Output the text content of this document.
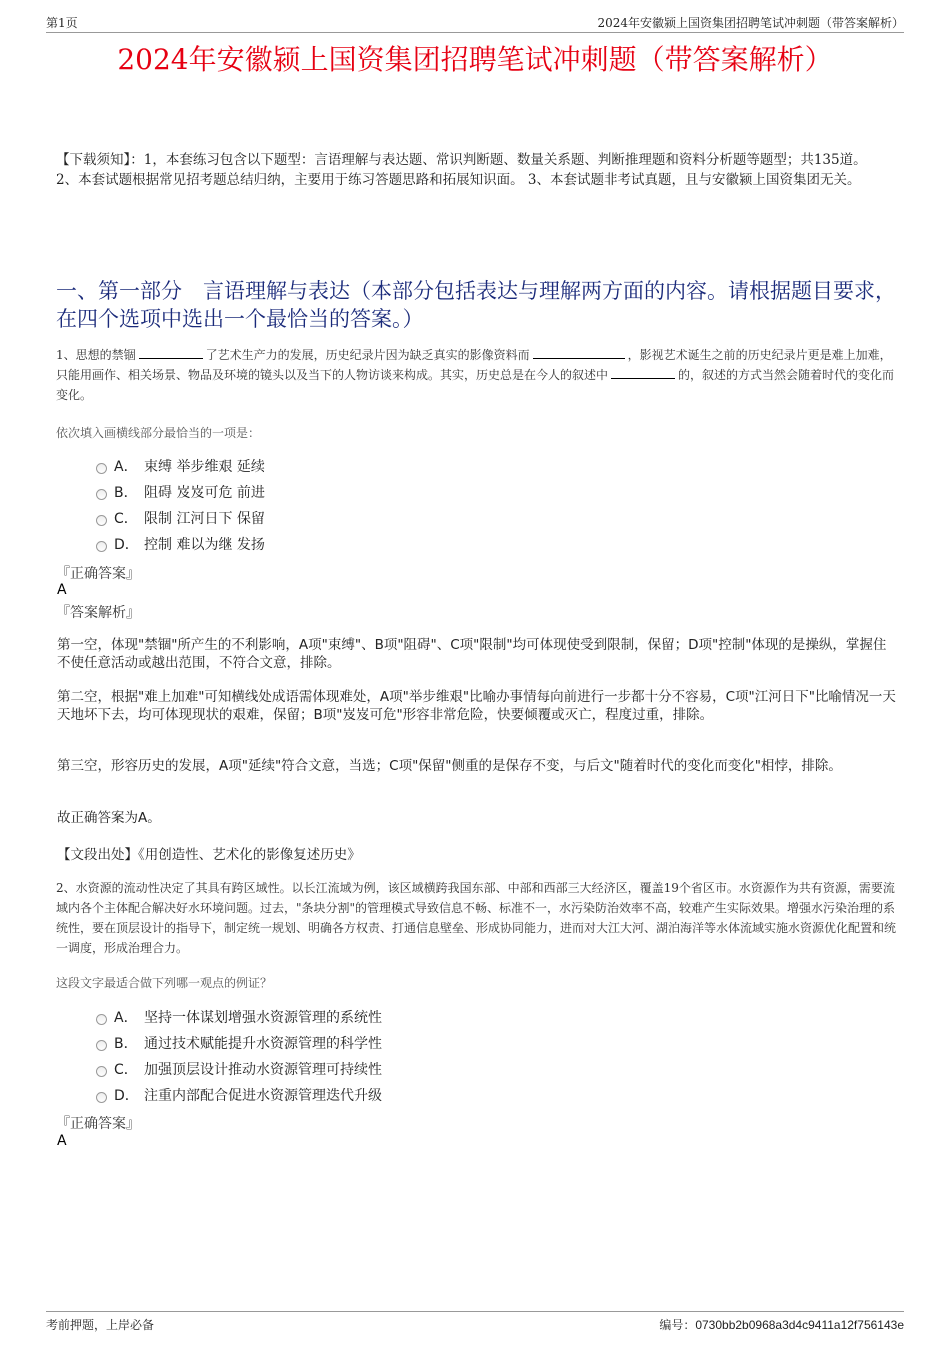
第1页	2024年安徽颍上国资集团招聘笔试冲刺题（带答案解析）
2024年安徽颍上国资集团招聘笔试冲刺题（带答案解析）
【下载须知】：1，本套练习包含以下题型：言语理解与表达题、常识判断题、数量关系题、判断推理题和资料分析题等题型；共135道。 2、本套试题根据常见招考题总结归纳，主要用于练习答题思路和拓展知识面。 3、本套试题非考试真题，且与安徽颍上国资集团无关。
一、第一部分　言语理解与表达（本部分包括表达与理解两方面的内容。请根据题目要求，在四个选项中选出一个最恰当的答案。）
1、思想的禁锢	了艺术生产力的发展，历史纪录片因为缺乏真实的影像资料而	，影视艺术诞生之前的历史纪录片更是难上加难，只能用画作、相关场景、物品及环境的镜头以及当下的人物访谈来构成。其实，历史总是在今人的叙述中	的，叙述的方式当然会随着时代的变化而变化。
依次填入画横线部分最恰当的一项是：
A． 束缚 举步维艰 延续
B． 阻碍 岌岌可危 前进
C． 限制 江河日下 保留
D． 控制 难以为继 发扬
『正确答案』
A
『答案解析』
第一空，体现"禁锢"所产生的不利影响，A项"束缚"、B项"阻碍"、C项"限制"均可体现使受到限制，保留；D项"控制"体现的是操纵，掌握住不使任意活动或越出范围，不符合文意，排除。
第二空，根据"难上加难"可知横线处成语需体现难处，A项"举步维艰"比喻办事情每向前进行一步都十分不容易，C项"江河日下"比喻情况一天天地坏下去，均可体现现状的艰难，保留；B项"岌岌可危"形容非常危险，快要倾覆或灭亡，程度过重，排除。
第三空，形容历史的发展，A项"延续"符合文意，当选；C项"保留"侧重的是保存不变，与后文"随着时代的变化而变化"相悖，排除。
故正确答案为A。
【文段出处】《用创造性、艺术化的影像复述历史》
2、水资源的流动性决定了其具有跨区域性。以长江流域为例，该区域横跨我国东部、中部和西部三大经济区，覆盖19个省区市。水资源作为共有资源，需要流域内各个主体配合解决好水环境问题。过去，"条块分割"的管理模式导致信息不畅、标准不一，水污染防治效率不高，较难产生实际效果。增强水污染治理的系统性，要在顶层设计的指导下，制定统一规划、明确各方权责、打通信息壁垒、形成协同能力，进而对大江大河、湖泊海洋等水体流域实施水资源优化配置和统一调度，形成治理合力。
这段文字最适合做下列哪一观点的例证？
A． 坚持一体谋划增强水资源管理的系统性
B． 通过技术赋能提升水资源管理的科学性
C． 加强顶层设计推动水资源管理可持续性
D． 注重内部配合促进水资源管理迭代升级
『正确答案』
A
考前押题，上岸必备	编号：0730bb2b0968a3d4c9411a12f756143e
